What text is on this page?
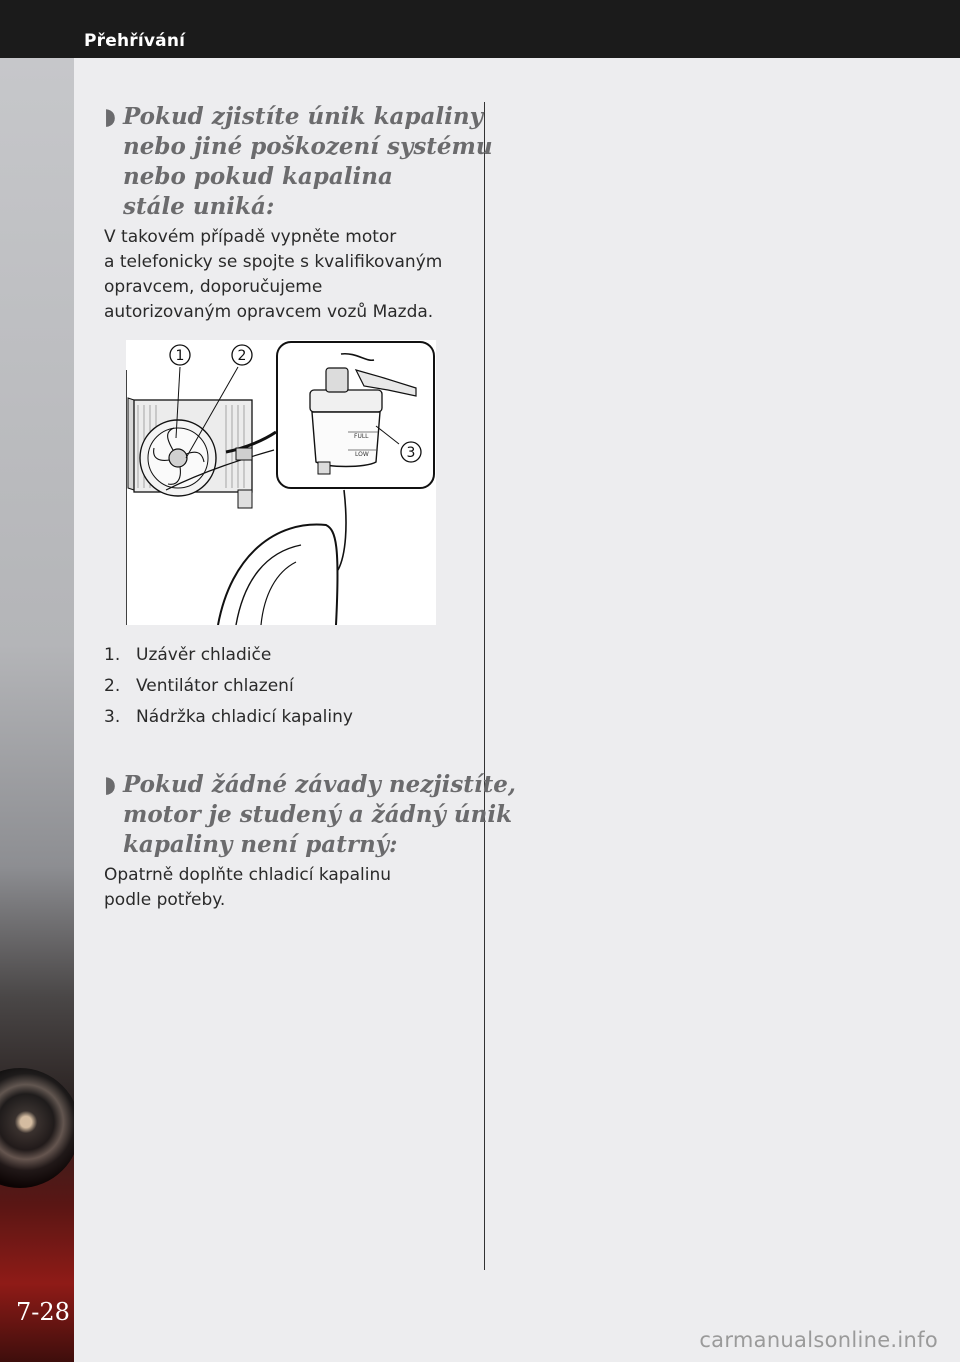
Přehřívání
7-28
◗ Pokud zjistíte únik kapaliny
nebo jiné poškození systému
nebo pokud kapalina
stále uniká:

V takovém případě vypněte motor
a telefonicky se spojte s kvalifikovaným
opravcem, doporučujeme
autorizovaným opravcem vozů Mazda.

FULL
LOW
1	2
3
1. Uzávěr chladiče
2. Ventilátor chlazení
3. Nádržka chladicí kapaliny
◗ Pokud žádné závady nezjistíte,
motor je studený a žádný únik
kapaliny není patrný:

Opatrně doplňte chladicí kapalinu
podle potřeby.

carmanualsonline.info
